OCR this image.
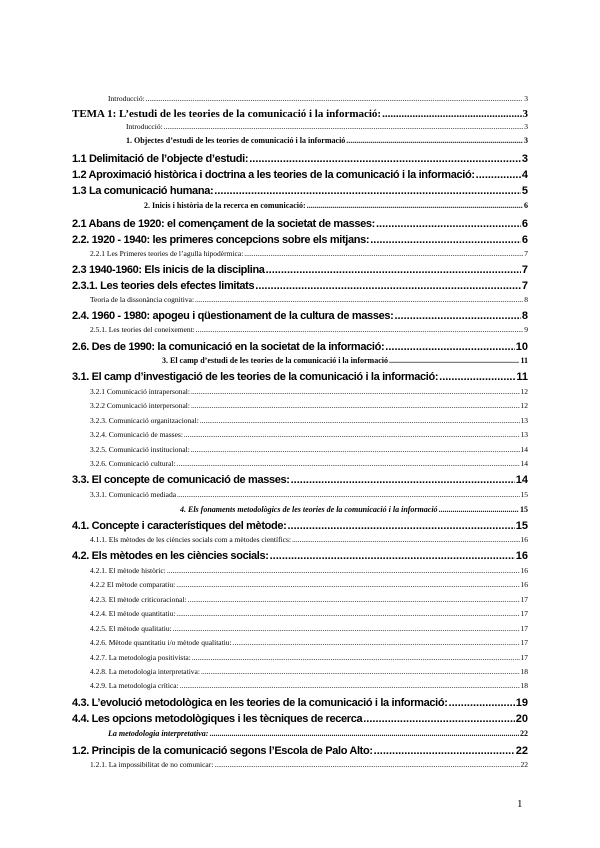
Introducció: .....	3
TEMA 1: L’estudi de les teories de la comunicació i la informació: .....	3
Introducció: .....	3
1. Objectes d’estudi de les teories de comunicació i la informació .....	3
1.1 Delimitació de l’objecte d’estudi: .....	3
1.2 Aproximació històrica i doctrina a les teories de la comunicació i la informació: .....	4
1.3 La comunicació humana: .....	5
2. Inicis i història de la recerca en comunicació: .....	6
2.1 Abans de 1920: el començament de la societat de masses: .....	6
2.2. 1920 - 1940: les primeres concepcions sobre els mitjans: .....	6
2.2.1 Les Primeres teories de l’agulla hipodèrmica: .....	7
2.3 1940-1960: Els inicis de la disciplina .....	7
2.3.1. Les teories dels efectes limitats .....	7
Teoria de la dissonància cognitiva: .....	8
2.4. 1960 - 1980: apogeu i qüestionament de la cultura de masses: .....	8
2.5.1. Les teories del coneixement: .....	9
2.6. Des de 1990: la comunicació en la societat de la informació: .....	10
3. El camp d’estudi de les teories de la comunicació i la informació .....	11
3.1. El camp d’investigació de les teories de la comunicació i la informació: .....	11
3.2.1 Comunicació intrapersonal: .....	12
3.2.2 Comunicació interpersonal: .....	12
3.2.3. Comunicació organitzacional: .....	13
3.2.4. Comunicació de masses: .....	13
3.2.5. Comunicació institucional: .....	14
3.2.6. Comunicació cultural: .....	14
3.3. El concepte de comunicació de masses: .....	14
3.3.1. Comunicació mediada .....	15
4. Els fonaments metodològics de les teories de la comunicació i la informació .....	15
4.1. Concepte i característiques del mètode: .....	15
4.1.1. Els mètodes de les ciències socials com a mètodes científics: .....	16
4.2. Els mètodes en les ciències socials: .....	16
4.2.1. El mètode històric: .....	16
4.2.2 El mètode comparatiu: .....	16
4.2.3. El mètode criticoracional: .....	17
4.2.4. El mètode quantitatiu: .....	17
4.2.5. El mètode qualitatiu: .....	17
4.2.6. Mètode quantitatiu i/o mètode qualitatiu: .....	17
4.2.7. La metodologia positivista: .....	17
4.2.8. La metodologia interpretativa: .....	18
4.2.9. La metodologia crítica: .....	18
4.3. L’evolució metodològica en les teories de la comunicació i la informació: .....	19
4.4. Les opcions metodològiques i les tècniques de recerca .....	20
La metodologia interpretativa: .....	22
1.2. Principis de la comunicació segons l’Escola de Palo Alto: .....	22
1.2.1. La impossibilitat de no comunicar: .....	22
1
